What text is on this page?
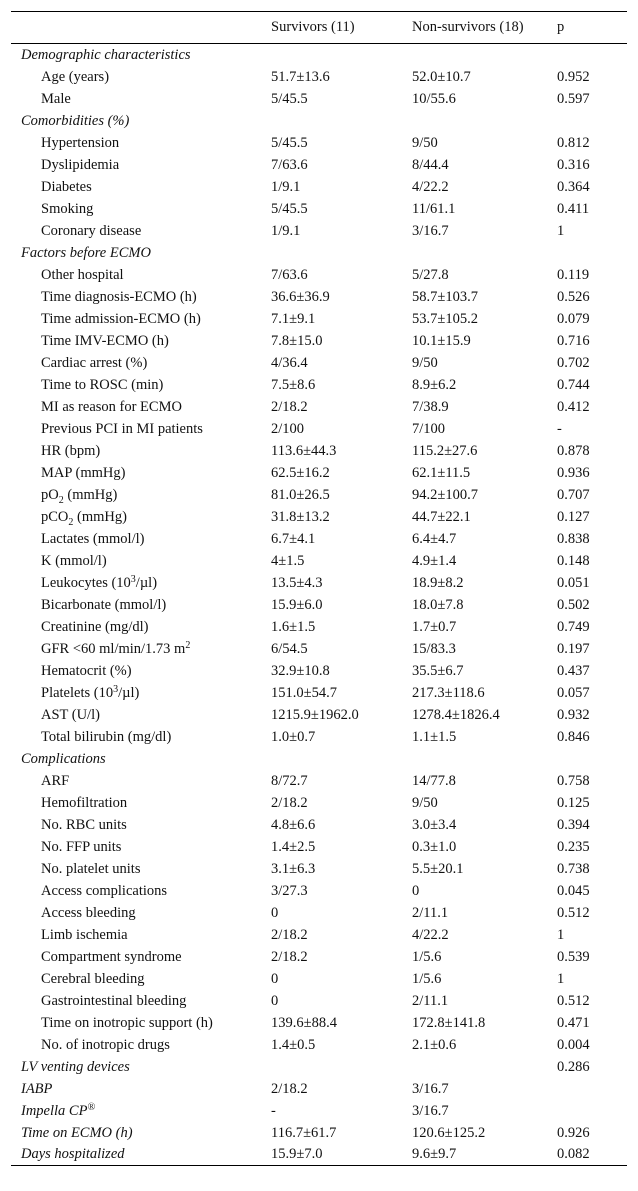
	Survivors (11)	Non-survivors (18)	p
Demographic characteristics			
Age (years)	51.7±13.6	52.0±10.7	0.952
Male	5/45.5	10/55.6	0.597
Comorbidities (%)			
Hypertension	5/45.5	9/50	0.812
Dyslipidemia	7/63.6	8/44.4	0.316
Diabetes	1/9.1	4/22.2	0.364
Smoking	5/45.5	11/61.1	0.411
Coronary disease	1/9.1	3/16.7	1
Factors before ECMO			
Other hospital	7/63.6	5/27.8	0.119
Time diagnosis-ECMO (h)	36.6±36.9	58.7±103.7	0.526
Time admission-ECMO (h)	7.1±9.1	53.7±105.2	0.079
Time IMV-ECMO (h)	7.8±15.0	10.1±15.9	0.716
Cardiac arrest (%)	4/36.4	9/50	0.702
Time to ROSC (min)	7.5±8.6	8.9±6.2	0.744
MI as reason for ECMO	2/18.2	7/38.9	0.412
Previous PCI in MI patients	2/100	7/100	-
HR (bpm)	113.6±44.3	115.2±27.6	0.878
MAP (mmHg)	62.5±16.2	62.1±11.5	0.936
$pO_2$ (mmHg)	81.0±26.5	94.2±100.7	0.707
pCO$_2$ (mmHg)	31.8±13.2	44.7±22.1	0.127
Lactates (mmol/l)	6.7±4.1	6.4±4.7	0.838
K (mmol/l)	4±1.5	4.9±1.4	0.148
Leukocytes $(10^3/\mu l)$	13.5±4.3	18.9±8.2	0.051
Bicarbonate (mmol/l)	15.9±6.0	18.0±7.8	0.502
Creatinine (mg/dl)	1.6±1.5	1.7±0.7	0.749
GFR <60 ml/min/1.73 $m^2$	6/54.5	15/83.3	0.197
Hematocrit (%)	32.9±10.8	35.5±6.7	0.437
Platelets $(10^3/\mu l)$	151.0±54.7	217.3±118.6	0.057
AST (U/l)	1215.9±1962.0	1278.4±1826.4	0.932
Total bilirubin (mg/dl)	1.0±0.7	1.1±1.5	0.846
Complications			
ARF	8/72.7	14/77.8	0.758
Hemofiltration	2/18.2	9/50	0.125
No. RBC units	4.8±6.6	3.0±3.4	0.394
No. FFP units	1.4±2.5	0.3±1.0	0.235
No. platelet units	3.1±6.3	5.5±20.1	0.738
Access complications	3/27.3	0	0.045
Access bleeding	0	2/11.1	0.512
Limb ischemia	2/18.2	4/22.2	1
Compartment syndrome	2/18.2	1/5.6	0.539
Cerebral bleeding	0	1/5.6	1
Gastrointestinal bleeding	0	2/11.1	0.512
Time on inotropic support (h)	139.6±88.4	172.8±141.8	0.471
No. of inotropic drugs	1.4±0.5	2.1±0.6	0.004
LV venting devices			0.286
IABP	2/18.2	3/16.7	
Impella CP®	-	3/16.7	
Time on ECMO (h)	116.7±61.7	120.6±125.2	0.926
Days hospitalized	15.9±7.0	9.6±9.7	0.082
